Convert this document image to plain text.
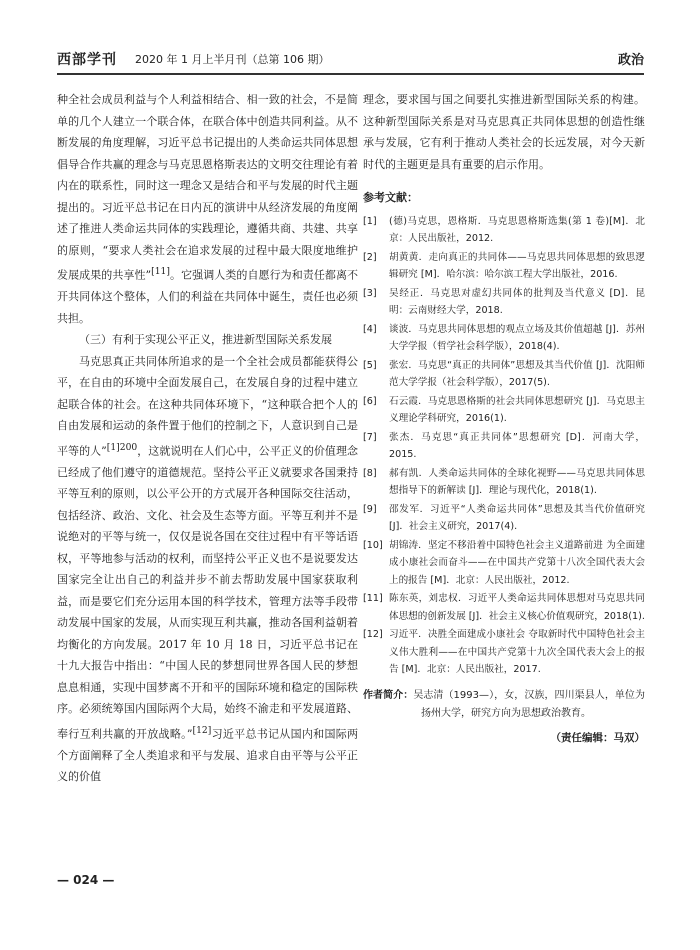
西部学刊 2020 年 1 月上半月刊（总第 106 期）	政治

种全社会成员利益与个人利益相结合、相一致的社会，不是简单的几个人建立一个联合体，在联合体中创造共同利益。从不断发展的角度理解，习近平总书记提出的人类命运共同体思想倡导合作共赢的理念与马克思恩格斯表达的文明交往理论有着内在的联系性，同时这一理念又是结合和平与发展的时代主题提出的。习近平总书记在日内瓦的演讲中从经济发展的角度阐述了推进人类命运共同体的实践理论，遵循共商、共建、共享的原则，“要求人类社会在追求发展的过程中最大限度地维护发展成果的共享性”[11]。它强调人类的自愿行为和责任都离不开共同体这个整体，人们的利益在共同体中诞生，责任也必须共担。

（三）有利于实现公平正义，推进新型国际关系发展

马克思真正共同体所追求的是一个全社会成员都能获得公平，在自由的环境中全面发展自己，在发展自身的过程中建立起联合体的社会。在这种共同体环境下，“这种联合把个人的自由发展和运动的条件置于他们的控制之下，人意识到自己是平等的人”$^{[1]200}$，这就说明在人们心中，公平正义的价值理念已经成了他们遵守的道德规范。坚持公平正义就要求各国秉持平等互利的原则，以公平公开的方式展开各种国际交往活动，包括经济、政治、文化、社会及生态等方面。平等互利并不是说绝对的平等与统一，仅仅是说各国在交往过程中有平等话语权，平等地参与活动的权利，而坚持公平正义也不是说要发达国家完全让出自己的利益并步不前去帮助发展中国家获取利益，而是要它们充分运用本国的科学技术，管理方法等手段带动发展中国家的发展，从而实现互利共赢，推动各国利益朝着均衡化的方向发展。2017 年 10 月 18 日，习近平总书记在十九大报告中指出：“中国人民的梦想同世界各国人民的梦想息息相通，实现中国梦离不开和平的国际环境和稳定的国际秩序。必须统筹国内国际两个大局，始终不渝走和平发展道路、奉行互利共赢的开放战略。”[12]习近平总书记从国内和国际两个方面阐释了全人类追求和平与发展、追求自由平等与公平正义的价值

理念，要求国与国之间要扎实推进新型国际关系的构建。这种新型国际关系是对马克思真正共同体思想的创造性继承与发展，它有利于推动人类社会的长远发展，对今天新时代的主题更是具有重要的启示作用。

参考文献：
[1] (德)马克思，恩格斯．马克思恩格斯选集(第 1 卷)[M]．北京：人民出版社，2012.
[2] 胡黄黄．走向真正的共同体——马克思共同体思想的致思逻辑研究 [M]．哈尔滨：哈尔滨工程大学出版社，2016.
[3] 吴经正．马克思对虚幻共同体的批判及当代意义 [D]．昆明：云南财经大学，2018.
[4] 谈波．马克思共同体思想的观点立场及其价值超越 [J]．苏州大学学报（哲学社会科学版），2018(4).
[5] 张宏．马克思“真正的共同体”思想及其当代价值 [J]．沈阳师范大学学报（社会科学版），2017(5).
[6] 石云霞．马克思恩格斯的社会共同体思想研究 [J]．马克思主义理论学科研究，2016(1).
[7] 张杰．马克思“真正共同体”思想研究 [D]．河南大学，2015.
[8] 郝有凯．人类命运共同体的全球化视野——马克思共同体思想指导下的新解读 [J]．理论与现代化，2018(1).
[9] 邵发军．习近平“人类命运共同体”思想及其当代价值研究 [J]．社会主义研究，2017(4).
[10] 胡锦涛．坚定不移沿着中国特色社会主义道路前进 为全面建成小康社会而奋斗——在中国共产党第十八次全国代表大会上的报告 [M]．北京：人民出版社，2012.
[11] 陈东英，刘忠权．习近平人类命运共同体思想对马克思共同体思想的创新发展 [J]．社会主义核心价值观研究，2018(1).
[12] 习近平．决胜全面建成小康社会 夺取新时代中国特色社会主义伟大胜利——在中国共产党第十九次全国代表大会上的报告 [M]．北京：人民出版社，2017.
作者简介：吴志清（1993—），女，汉族，四川渠县人，单位为扬州大学，研究方向为思想政治教育。
（责任编辑：马双）
— 024 —
